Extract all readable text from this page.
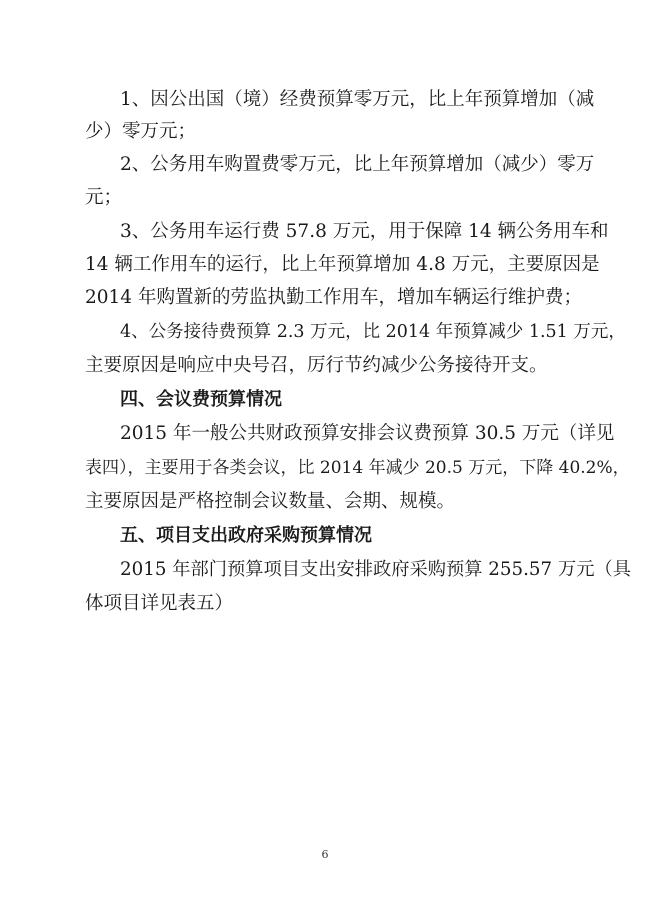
1、因公出国（境）经费预算零万元，比上年预算增加（减
少）零万元；
2、公务用车购置费零万元，比上年预算增加（减少）零万
元；
3、公务用车运行费 57.8 万元，用于保障 14 辆公务用车和
14 辆工作用车的运行，比上年预算增加 4.8 万元，主要原因是
2014 年购置新的劳监执勤工作用车，增加车辆运行维护费；
4、公务接待费预算 2.3 万元，比 2014 年预算减少 1.51 万元，
主要原因是响应中央号召，厉行节约减少公务接待开支。
四、会议费预算情况
2015 年一般公共财政预算安排会议费预算 30.5 万元（详见
表四），主要用于各类会议，比 2014 年减少 20.5 万元，下降 40.2%，
主要原因是严格控制会议数量、会期、规模。
五、项目支出政府采购预算情况
2015 年部门预算项目支出安排政府采购预算 255.57 万元（具
体项目详见表五）
6
